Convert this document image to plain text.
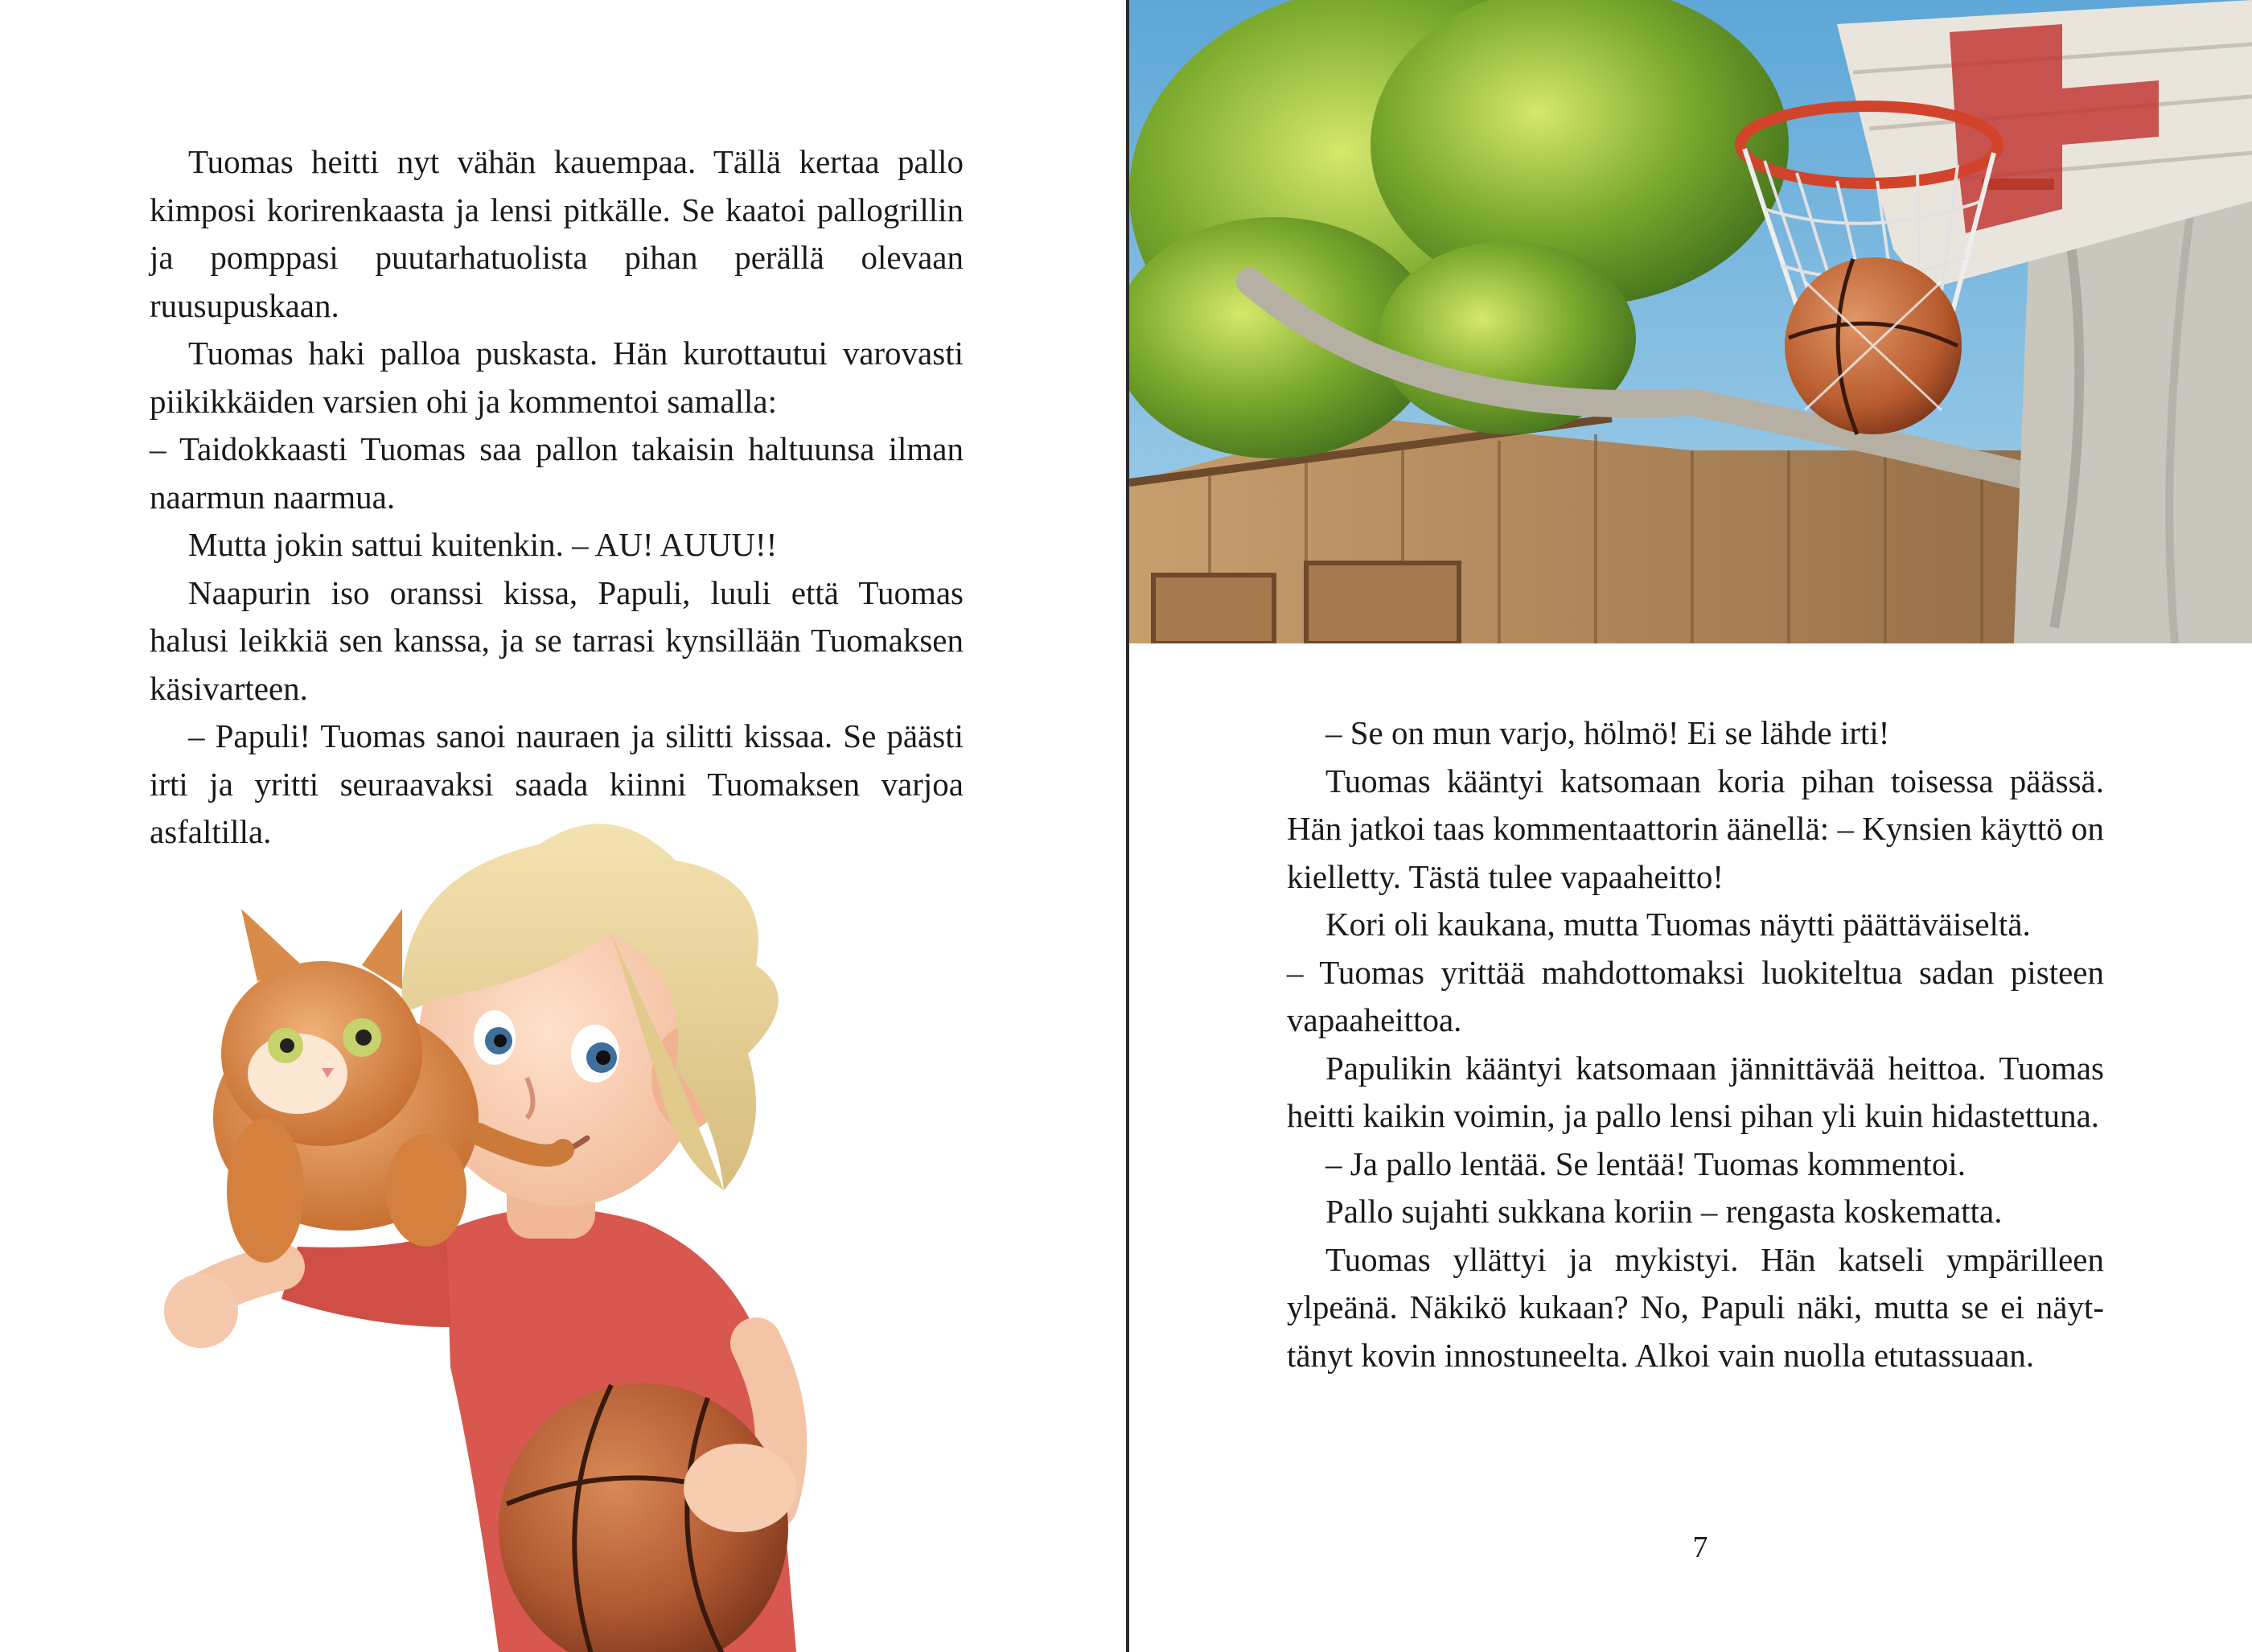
Tuomas heitti nyt vähän kauempaa. Tällä kertaa pallo kimposi korirenkaasta ja lensi pitkälle. Se kaatoi pallogrillin ja pomppasi puutarhatuolista pihan perällä olevaan ruusupuskaan.

Tuomas haki palloa puskasta. Hän kurottautui varovasti piikikkäiden varsien ohi ja kommentoi samalla:

– Taidokkaasti Tuomas saa pallon takaisin haltuunsa ilman naarmun naarmua.

Mutta jokin sattui kuitenkin. – AU! AUUU!!

Naapurin iso oranssi kissa, Papuli, luuli että Tuomas halusi leikkiä sen kanssa, ja se tarrasi kynsillään Tuomaksen käsivarteen.

– Papuli! Tuomas sanoi nauraen ja silitti kissaa. Se päästi irti ja yritti seuraavaksi saada kiinni Tuomaksen varjoa asfaltilla.

– Se on mun varjo, hölmö! Ei se lähde irti!

Tuomas kääntyi katsomaan koria pihan toisessa päässä. Hän jatkoi taas kommentaattorin äänellä: – Kynsien käyttö on kielletty. Tästä tulee vapaaheitto!

Kori oli kaukana, mutta Tuomas näytti päättäväiseltä.

– Tuomas yrittää mahdottomaksi luokiteltua sadan pisteen vapaaheittoa.

Papulikin kääntyi katsomaan jännittävää heittoa. Tuomas heitti kaikin voimin, ja pallo lensi pihan yli kuin hidastettuna.

– Ja pallo lentää. Se lentää! Tuomas kommentoi.

Pallo sujahti sukkana koriin – rengasta koskematta.

Tuomas yllättyi ja mykistyi. Hän katseli ympärilleen ylpeänä. Näkikö kukaan? No, Papuli näki, mutta se ei näyttänyt kovin innostuneelta. Alkoi vain nuolla etutassuaan.

7
